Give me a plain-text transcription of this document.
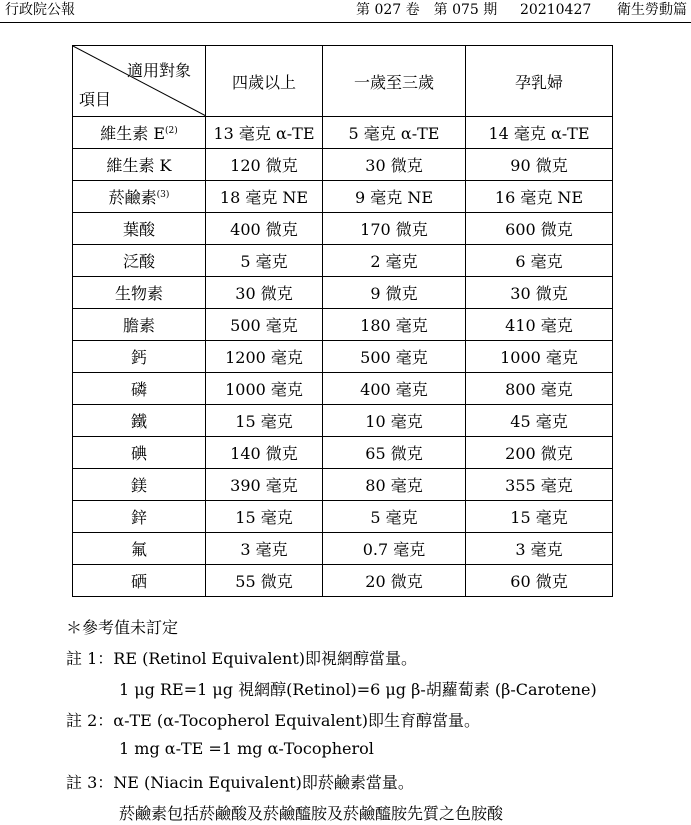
行政院公報	第 027 卷　第 075 期 20210427 衛生勞動篇
適用對象
項目	四歲以上	一歲至三歲	孕乳婦
維生素 $E^{(2)}$	13 毫克 α-TE	5 毫克 α-TE	14 毫克 α-TE
維生素 K	120 微克	30 微克	90 微克
菸鹼素$^{(3)}$	18 毫克 NE	9 毫克 NE	16 毫克 NE
葉酸	400 微克	170 微克	600 微克
泛酸	5 毫克	2 毫克	6 毫克
生物素	30 微克	9 微克	30 微克
膽素	500 毫克	180 毫克	410 毫克
鈣	1200 毫克	500 毫克	1000 毫克
磷	1000 毫克	400 毫克	800 毫克
鐵	15 毫克	10 毫克	45 毫克
碘	140 微克	65 微克	200 微克
鎂	390 毫克	80 毫克	355 毫克
鋅	15 毫克	5 毫克	15 毫克
氟	3 毫克	0.7 毫克	3 毫克
硒	55 微克	20 微克	60 微克
＊參考值未訂定
註 1：RE (Retinol Equivalent)即視網醇當量。
1 μg RE=1 μg 視網醇(Retinol)=6 μg β-胡蘿蔔素 (β-Carotene)
註 2：α-TE (α-Tocopherol Equivalent)即生育醇當量。
1 mg α-TE =1 mg α-Tocopherol
註 3：NE (Niacin Equivalent)即菸鹼素當量。
菸鹼素包括菸鹼酸及菸鹼醯胺及菸鹼醯胺先質之色胺酸
